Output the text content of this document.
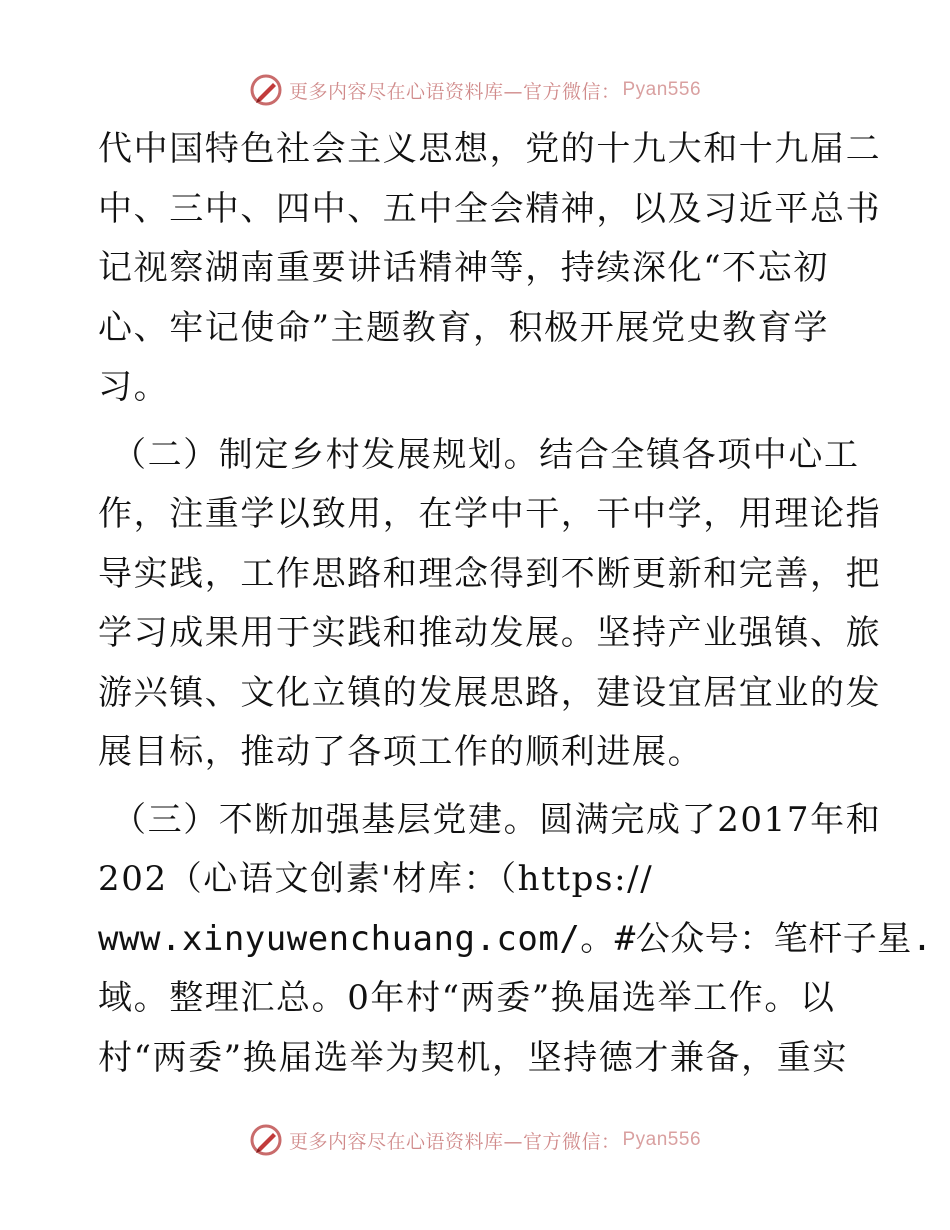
更多内容尽在心语资料库—官方微信： Pyan556
代中国特色社会主义思想，党的十九大和十九届二
中、三中、四中、五中全会精神，以及习近平总书
记视察湖南重要讲话精神等，持续深化“不忘初
心、牢记使命”主题教育，积极开展党史教育学
习。
（二）制定乡村发展规划。结合全镇各项中心工
作，注重学以致用，在学中干，干中学，用理论指
导实践，工作思路和理念得到不断更新和完善，把
学习成果用于实践和推动发展。坚持产业强镇、旅
游兴镇、文化立镇的发展思路，建设宜居宜业的发
展目标，推动了各项工作的顺利进展。
（三）不断加强基层党建。圆满完成了2017年和
202（心语文创素'材库：（https://
www.xinyuwenchuang.com/。#公众号：笔杆子星.
域。整理汇总。0年村“两委”换届选举工作。以
村“两委”换届选举为契机，坚持德才兼备，重实
更多内容尽在心语资料库—官方微信： Pyan556
